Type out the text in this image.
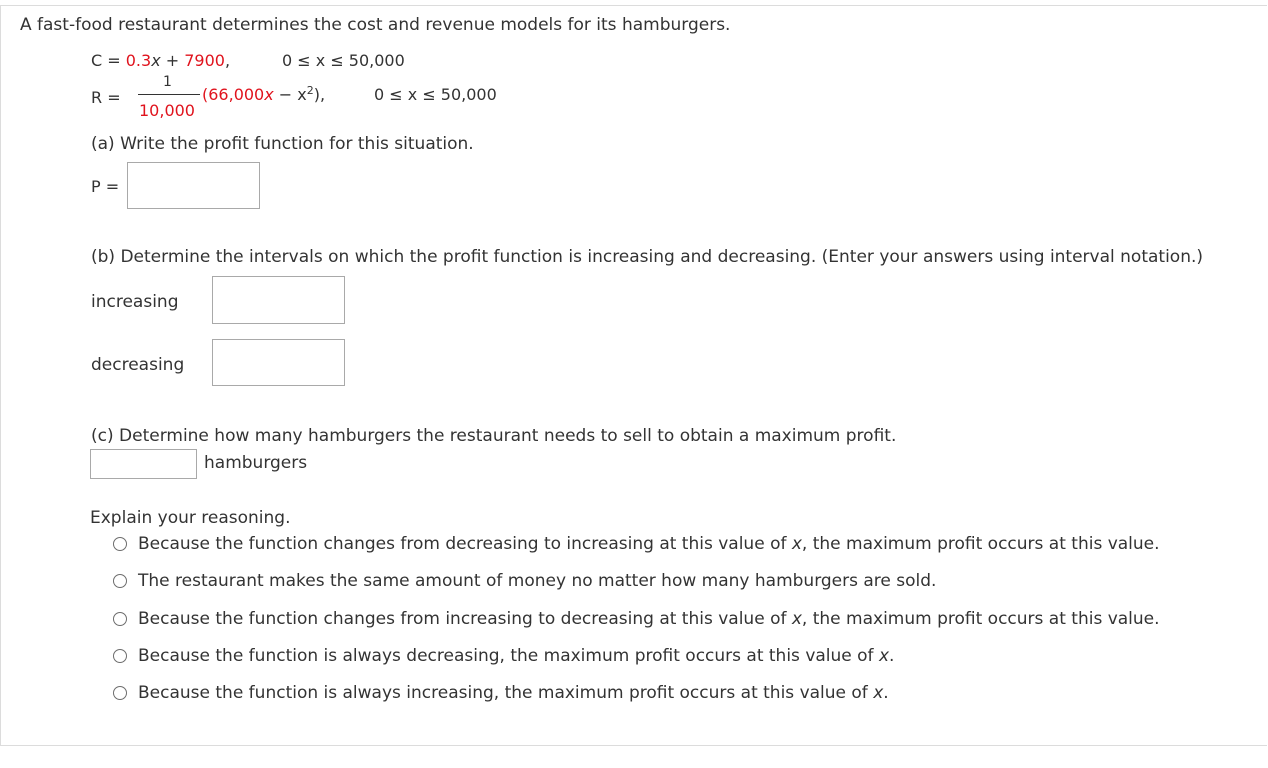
A fast-food restaurant determines the cost and revenue models for its hamburgers.
C = 0.3x + 7900,	0 ≤ x ≤ 50,000
R =
1
10,000
$(66,000x - x^2)$,	0 ≤ x ≤ 50,000
(a) Write the profit function for this situation.
P =
(b) Determine the intervals on which the profit function is increasing and decreasing. (Enter your answers using interval notation.)
increasing
decreasing
(c) Determine how many hamburgers the restaurant needs to sell to obtain a maximum profit.
hamburgers
Explain your reasoning.
Because the function changes from decreasing to increasing at this value of x, the maximum profit occurs at this value.
The restaurant makes the same amount of money no matter how many hamburgers are sold.
Because the function changes from increasing to decreasing at this value of x, the maximum profit occurs at this value.
Because the function is always decreasing, the maximum profit occurs at this value of x.
Because the function is always increasing, the maximum profit occurs at this value of x.
